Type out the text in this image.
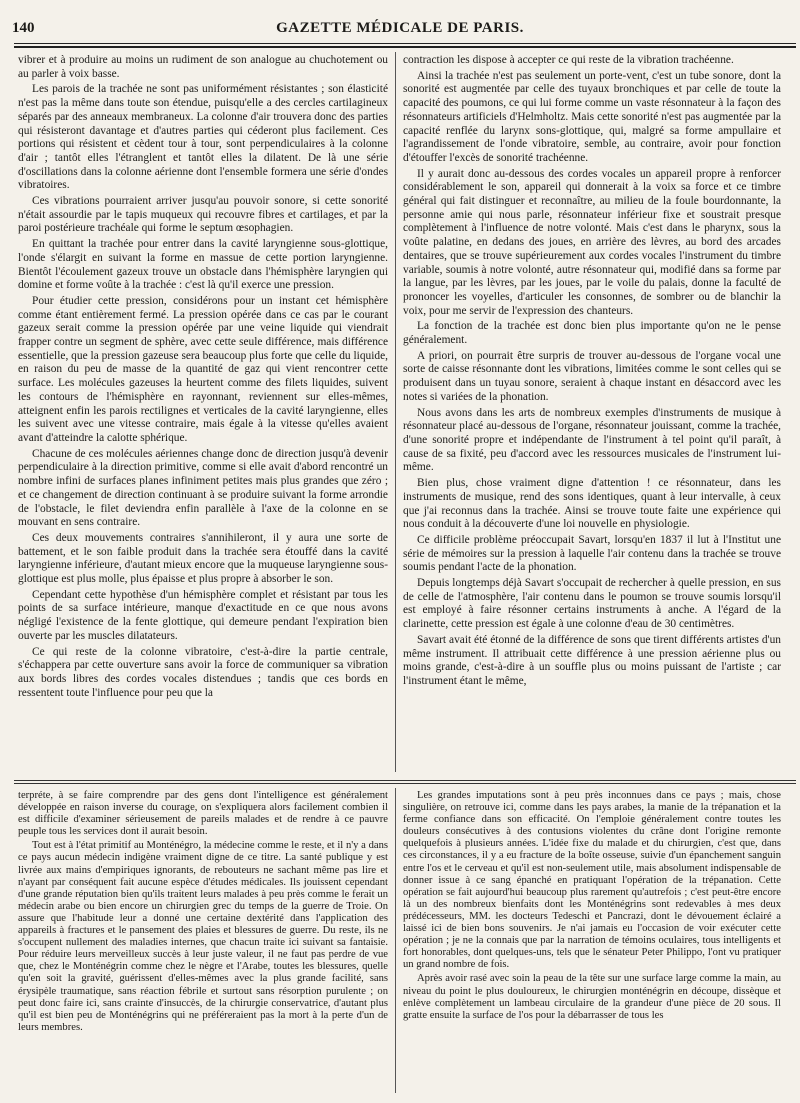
140	GAZETTE MÉDICALE DE PARIS.

vibrer et à produire au moins un rudiment de son analogue au chuchotement ou au parler à voix basse.

Les parois de la trachée ne sont pas uniformément résistantes ; son élasticité n'est pas la même dans toute son étendue, puisqu'elle a des cercles cartilagineux séparés par des anneaux membraneux. La colonne d'air trouvera donc des parties qui résisteront davantage et d'autres parties qui céderont plus facilement. Ces portions qui résistent et cèdent tour à tour, sont perpendiculaires à la colonne d'air ; tantôt elles l'étranglent et tantôt elles la dilatent. De là une série d'oscillations dans la colonne aérienne dont l'ensemble formera une série d'ondes vibratoires.

Ces vibrations pourraient arriver jusqu'au pouvoir sonore, si cette sonorité n'était assourdie par le tapis muqueux qui recouvre fibres et cartilages, et par la paroi postérieure trachéale qui forme le septum œsophagien.

En quittant la trachée pour entrer dans la cavité laryngienne sous-glottique, l'onde s'élargit en suivant la forme en massue de cette portion laryngienne. Bientôt l'écoulement gazeux trouve un obstacle dans l'hémisphère laryngien qui domine et forme voûte à la trachée : c'est là qu'il exerce une pression.

Pour étudier cette pression, considérons pour un instant cet hémisphère comme étant entièrement fermé. La pression opérée dans ce cas par le courant gazeux serait comme la pression opérée par une veine liquide qui viendrait frapper contre un segment de sphère, avec cette seule différence, mais différence essentielle, que la pression gazeuse sera beaucoup plus forte que celle du liquide, en raison du peu de masse de la quantité de gaz qui vient rencontrer cette surface. Les molécules gazeuses la heurtent comme des filets liquides, suivent les contours de l'hémisphère en rayonnant, reviennent sur elles-mêmes, atteignent enfin les parois rectilignes et verticales de la cavité laryngienne, elles les suivent avec une vitesse contraire, mais égale à la vitesse qu'elles avaient avant d'atteindre la calotte sphérique.

Chacune de ces molécules aériennes change donc de direction jusqu'à devenir perpendiculaire à la direction primitive, comme si elle avait d'abord rencontré un nombre infini de surfaces planes infiniment petites mais plus grandes que zéro ; et ce changement de direction continuant à se produire suivant la forme arrondie de l'obstacle, le filet deviendra enfin parallèle à l'axe de la colonne en se mouvant en sens contraire.

Ces deux mouvements contraires s'annihileront, il y aura une sorte de battement, et le son faible produit dans la trachée sera étouffé dans la cavité laryngienne inférieure, d'autant mieux encore que la muqueuse laryngienne sous-glottique est plus molle, plus épaisse et plus propre à absorber le son.

Cependant cette hypothèse d'un hémisphère complet et résistant par tous les points de sa surface intérieure, manque d'exactitude en ce que nous avons négligé l'existence de la fente glottique, qui demeure pendant l'expiration bien ouverte par les muscles dilatateurs.

Ce qui reste de la colonne vibratoire, c'est-à-dire la partie centrale, s'échappera par cette ouverture sans avoir la force de communiquer sa vibration aux bords libres des cordes vocales distendues ; tandis que ces bords en ressentent toute l'influence pour peu que la

contraction les dispose à accepter ce qui reste de la vibration trachéenne.

Ainsi la trachée n'est pas seulement un porte-vent, c'est un tube sonore, dont la sonorité est augmentée par celle des tuyaux bronchiques et par celle de toute la capacité des poumons, ce qui lui forme comme un vaste résonnateur à la façon des résonnateurs artificiels d'Helmholtz. Mais cette sonorité n'est pas augmentée par la capacité renflée du larynx sons-glottique, qui, malgré sa forme ampullaire et l'agrandissement de l'onde vibratoire, semble, au contraire, avoir pour fonction d'étouffer l'excès de sonorité trachéenne.

Il y aurait donc au-dessous des cordes vocales un appareil propre à renforcer considérablement le son, appareil qui donnerait à la voix sa force et ce timbre général qui fait distinguer et reconnaître, au milieu de la foule bourdonnante, la personne amie qui nous parle, résonnateur inférieur fixe et soustrait presque complètement à l'influence de notre volonté. Mais c'est dans le pharynx, sous la voûte palatine, en dedans des joues, en arrière des lèvres, au bord des arcades dentaires, que se trouve supérieurement aux cordes vocales l'instrument du timbre variable, soumis à notre volonté, autre résonnateur qui, modifié dans sa forme par la langue, par les lèvres, par les joues, par le voile du palais, donne la faculté de prononcer les voyelles, d'articuler les consonnes, de sombrer ou de blanchir la voix, pour me servir de l'expression des chanteurs.

La fonction de la trachée est donc bien plus importante qu'on ne le pense généralement.

A priori, on pourrait être surpris de trouver au-dessous de l'organe vocal une sorte de caisse résonnante dont les vibrations, limitées comme le sont celles qui se produisent dans un tuyau sonore, seraient à chaque instant en désaccord avec les notes si variées de la phonation.

Nous avons dans les arts de nombreux exemples d'instruments de musique à résonnateur placé au-dessous de l'organe, résonnateur jouissant, comme la trachée, d'une sonorité propre et indépendante de l'instrument à tel point qu'il paraît, à cause de sa fixité, peu d'accord avec les ressources musicales de l'instrument lui-même.

Bien plus, chose vraiment digne d'attention ! ce résonnateur, dans les instruments de musique, rend des sons identiques, quant à leur intervalle, à ceux que j'ai reconnus dans la trachée. Ainsi se trouve toute faite une expérience qui nous conduit à la découverte d'une loi nouvelle en physiologie.

Ce difficile problème préoccupait Savart, lorsqu'en 1837 il lut à l'Institut une série de mémoires sur la pression à laquelle l'air contenu dans la trachée se trouve soumis pendant l'acte de la phonation.

Depuis longtemps déjà Savart s'occupait de rechercher à quelle pression, en sus de celle de l'atmosphère, l'air contenu dans le poumon se trouve soumis lorsqu'il est employé à faire résonner certains instruments à anche. A l'égard de la clarinette, cette pression est égale à une colonne d'eau de 30 centimètres.

Savart avait été étonné de la différence de sons que tirent différents artistes d'un même instrument. Il attribuait cette différence à une pression aérienne plus ou moins grande, c'est-à-dire à un souffle plus ou moins puissant de l'artiste ; car l'instrument étant le même,

terpréte, à se faire comprendre par des gens dont l'intelligence est généralement développée en raison inverse du courage, on s'expliquera alors facilement combien il est difficile d'examiner sérieusement de pareils malades et de rendre à ce pauvre peuple tous les services dont il aurait besoin.

Tout est à l'état primitif au Monténégro, la médecine comme le reste, et il n'y a dans ce pays aucun médecin indigène vraiment digne de ce titre. La santé publique y est livrée aux mains d'empiriques ignorants, de rebouteurs ne sachant même pas lire et n'ayant par conséquent fait aucune espèce d'études médicales. Ils jouissent cependant d'une grande réputation bien qu'ils traitent leurs malades à peu près comme le ferait un médecin arabe ou bien encore un chirurgien grec du temps de la guerre de Troie. On assure que l'habitude leur a donné une certaine dextérité dans l'application des appareils à fractures et le pansement des plaies et blessures de guerre. Du reste, ils ne s'occupent nullement des maladies internes, que chacun traite ici suivant sa fantaisie. Pour réduire leurs merveilleux succès à leur juste valeur, il ne faut pas perdre de vue que, chez le Monténégrin comme chez le nègre et l'Arabe, toutes les blessures, quelle qu'en soit la gravité, guérissent d'elles-mêmes avec la plus grande facilité, sans érysipèle traumatique, sans réaction fébrile et surtout sans résorption purulente ; on peut donc faire ici, sans crainte d'insuccès, de la chirurgie conservatrice, d'autant plus qu'il est bien peu de Monténégrins qui ne préféreraient pas la mort à la perte d'un de leurs membres.

Les grandes imputations sont à peu près inconnues dans ce pays ; mais, chose singulière, on retrouve ici, comme dans les pays arabes, la manie de la trépanation et la ferme confiance dans son efficacité. On l'emploie généralement contre toutes les douleurs consécutives à des contusions violentes du crâne dont l'origine remonte quelquefois à plusieurs années. L'idée fixe du malade et du chirurgien, c'est que, dans ces circonstances, il y a eu fracture de la boîte osseuse, suivie d'un épanchement sanguin entre l'os et le cerveau et qu'il est non-seulement utile, mais absolument indispensable de donner issue à ce sang épanché en pratiquant l'opération de la trépanation. Cette opération se fait aujourd'hui beaucoup plus rarement qu'autrefois ; c'est peut-être encore là un des nombreux bienfaits dont les Monténégrins sont redevables à mes deux prédécesseurs, MM. les docteurs Tedeschi et Pancrazi, dont le dévouement éclairé a laissé ici de bien bons souvenirs. Je n'ai jamais eu l'occasion de voir exécuter cette opération ; je ne la connais que par la narration de témoins oculaires, tous intelligents et fort honorables, dont quelques-uns, tels que le sénateur Peter Philippo, l'ont vu pratiquer un grand nombre de fois.

Après avoir rasé avec soin la peau de la tête sur une surface large comme la main, au niveau du point le plus douloureux, le chirurgien monténégrin en découpe, dissèque et enlève complètement un lambeau circulaire de la grandeur d'une pièce de 20 sous. Il gratte ensuite la surface de l'os pour la débarrasser de tous les
